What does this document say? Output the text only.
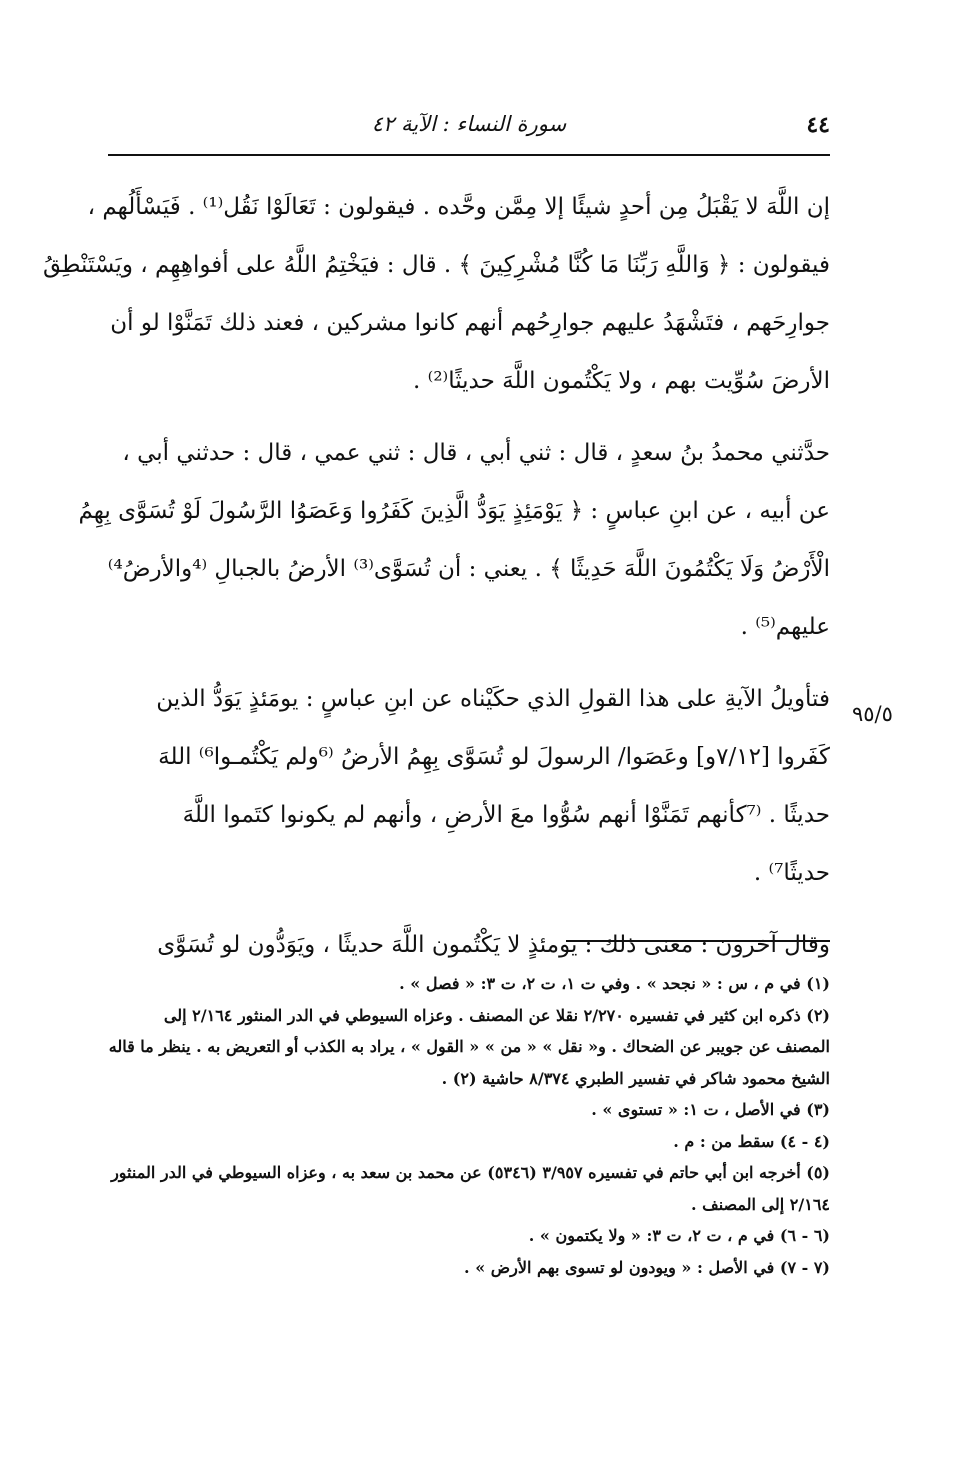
٤٤
سورة النساء : الآية ٤٢
إن اللَّهَ لا يَقْبَلُ مِن أحدٍ شيئًا إلا مِمَّن وحَّده . فيقولون : تَعَالَوْا نَقُل⁽¹⁾ . فَيَسْأَلُهم ،
فيقولون : ﴿ وَاللَّهِ رَبِّنَا مَا كُنَّا مُشْرِكِينَ ﴾ . قال : فيَخْتِمُ اللَّهُ على أفواهِهِم ، ويَسْتَنْطِقُ
جوارِحَهم ، فتَشْهَدُ عليهم جوارِحُهم أنهم كانوا مشركين ، فعند ذلك تَمَنَّوْا لو أن
الأرضَ سُوِّيت بهم ، ولا يَكْتُمون اللَّهَ حديثًا⁽²⁾ .
حدَّثني محمدُ بنُ سعدٍ ، قال : ثني أبي ، قال : ثني عمي ، قال : حدثني أبي ،
عن أبيه ، عن ابنِ عباسٍ : ﴿ يَوْمَئِذٍ يَوَدُّ الَّذِينَ كَفَرُوا وَعَصَوُا الرَّسُولَ لَوْ تُسَوَّى بِهِمُ
الْأَرْضُ وَلَا يَكْتُمُونَ اللَّهَ حَدِيثًا ﴾ . يعني : أن تُسَوَّى⁽³⁾ الأرضُ بالجبالِ ⁽⁴والأرضُ⁴⁾
عليهم⁽⁵⁾ .
فتأويلُ الآيةِ على هذا القولِ الذي حكَيْناه عن ابنِ عباسٍ : يومَئذٍ يَوَدُّ الذين
كَفَروا [٧/١٢و] وعَصَوا/ الرسولَ لو تُسَوَّى بِهِمُ الأرضُ ⁽⁶ولم يَكْتُمـوا⁶⁾ اللهَ
حديثًا . ⁽⁷كأنهم تَمَنَّوْا أنهم سُوُّوا معَ الأرضِ ، وأنهم لم يكونوا كتَموا اللَّهَ
حديثًا⁷⁾ .
وقال آخرون : معنى ذلك : يومئذٍ لا يَكْتُمون اللَّهَ حديثًا ، ويَوَدُّون لو تُسَوَّى
٩٥/٥
(١) في م ، س : « نجحد » . وفي ت ١، ت ٢، ت ٣: « فصل » .
(٢) ذكره ابن كثير في تفسيره ٢/٢٧٠ نقلا عن المصنف . وعزاه السيوطي في الدر المنثور ٢/١٦٤ إلى
المصنف عن جويبر عن الضحاك . و« نقل » « من » « القول » ، يراد به الكذب أو التعريض به . ينظر ما قاله
الشيخ محمود شاكر في تفسير الطبري ٨/٣٧٤ حاشية (٢) .
(٣) في الأصل ، ت ١: « تستوى » .
(٤ - ٤) سقط من : م .
(٥) أخرجه ابن أبي حاتم في تفسيره ٣/٩٥٧ (٥٣٤٦) عن محمد بن سعد به ، وعزاه السيوطي في الدر المنثور
٢/١٦٤ إلى المصنف .
(٦ - ٦) في م ، ت ٢، ت ٣: « ولا يكتمون » .
(٧ - ٧) في الأصل : « ويودون لو تسوى بهم الأرض » .
